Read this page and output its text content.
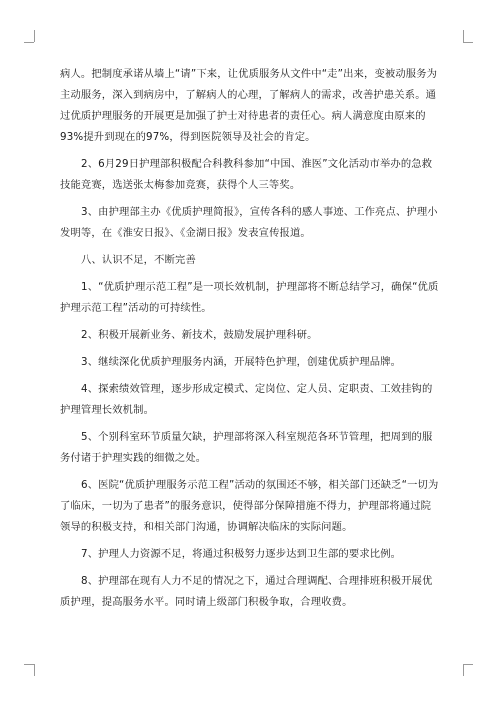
病人。把制度承诺从墙上“请”下来，让优质服务从文件中“走”出来，变被动服务为主动服务，深入到病房中，了解病人的心理，了解病人的需求，改善护患关系。通过优质护理服务的开展更是加强了护士对待患者的责任心。病人满意度由原来的93%提升到现在的97%，得到医院领导及社会的肯定。

2、6月29日护理部积极配合科教科参加“中国、淮医”文化活动市举办的急救技能竞赛，选送张太梅参加竞赛，获得个人三等奖。

3、由护理部主办《优质护理简报》，宣传各科的感人事迹、工作亮点、护理小发明等，在《淮安日报》、《金湖日报》发表宣传报道。

八、认识不足，不断完善

1、“优质护理示范工程”是一项长效机制，护理部将不断总结学习，确保“优质护理示范工程”活动的可持续性。

2、积极开展新业务、新技术，鼓励发展护理科研。

3、继续深化优质护理服务内涵，开展特色护理，创建优质护理品牌。

4、探索绩效管理，逐步形成定模式、定岗位、定人员、定职责、工效挂钩的护理管理长效机制。

5、个别科室环节质量欠缺，护理部将深入科室规范各环节管理，把周到的服务付诸于护理实践的细微之处。

6、医院“优质护理服务示范工程”活动的氛围还不够，相关部门还缺乏“一切为了临床，一切为了患者”的服务意识，使得部分保障措施不得力，护理部将通过院领导的积极支持，和相关部门沟通，协调解决临床的实际问题。

7、护理人力资源不足，将通过积极努力逐步达到卫生部的要求比例。

8、护理部在现有人力不足的情况之下，通过合理调配、合理排班积极开展优质护理，提高服务水平。同时请上级部门积极争取，合理收费。
